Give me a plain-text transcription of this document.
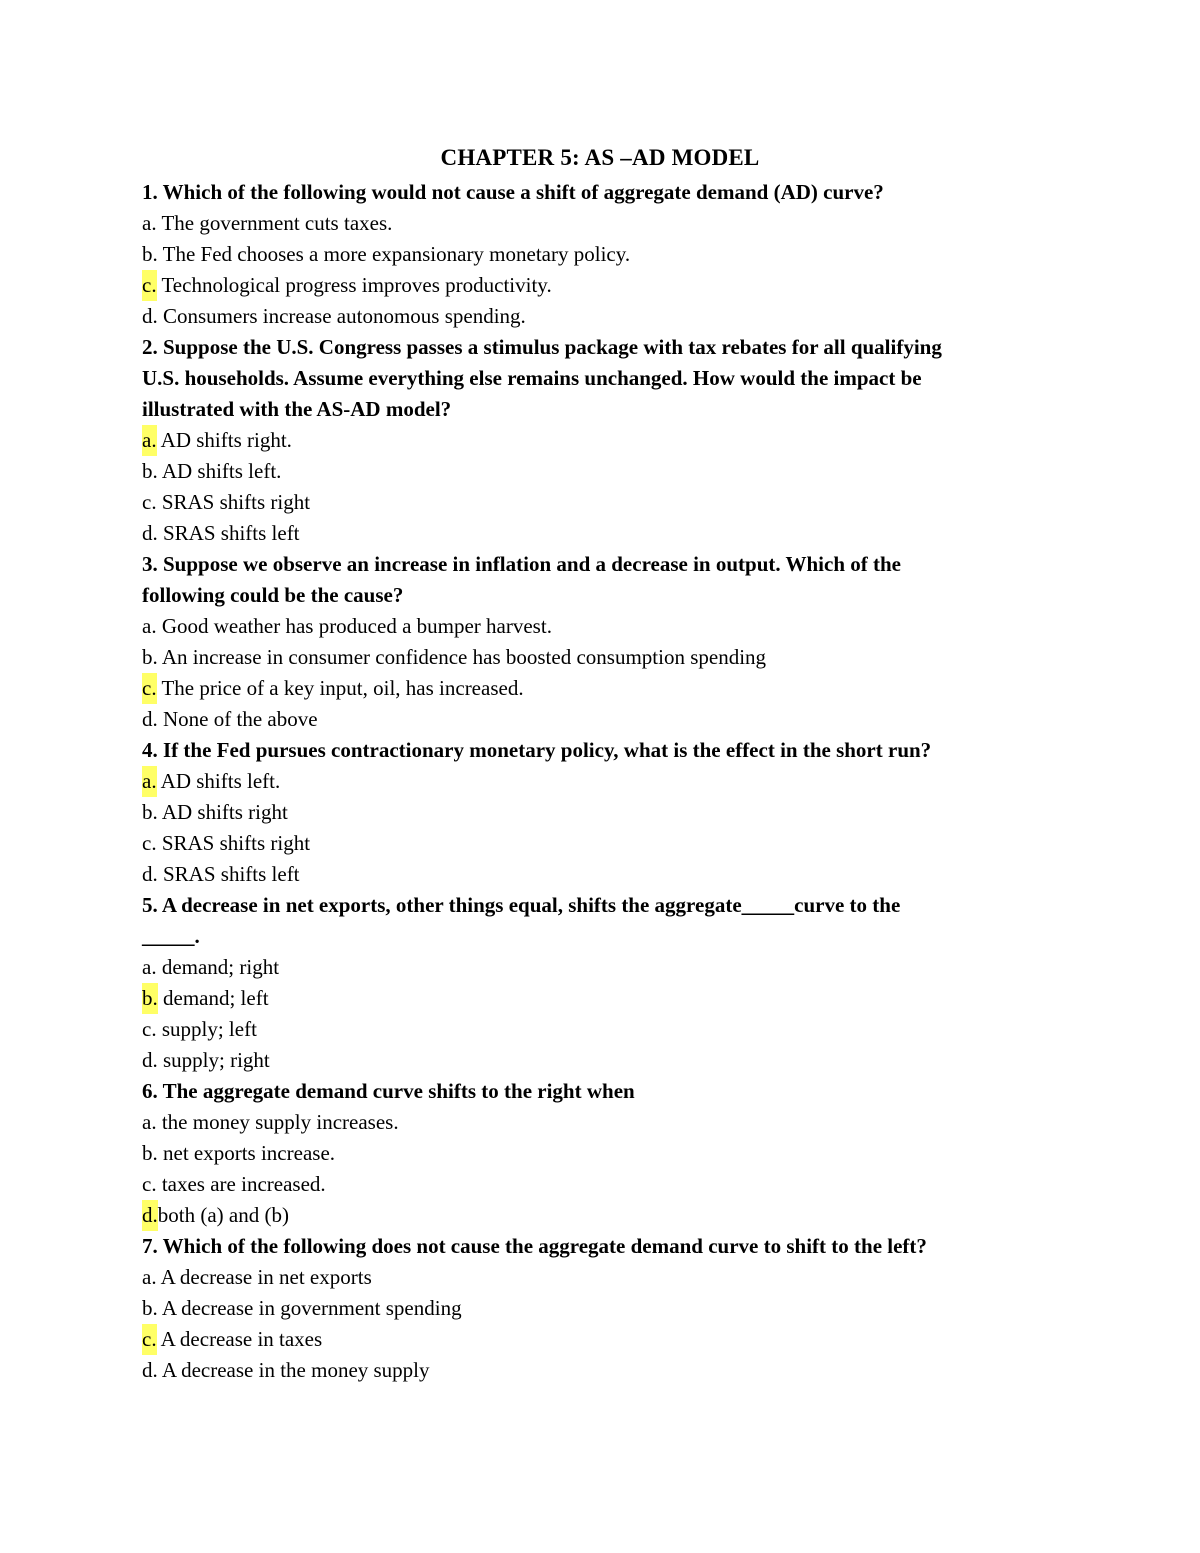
CHAPTER 5: AS –AD MODEL
1. Which of the following would not cause a shift of aggregate demand (AD) curve?
a. The government cuts taxes.
b. The Fed chooses a more expansionary monetary policy.
c. Technological progress improves productivity.
d. Consumers increase autonomous spending.
2. Suppose the U.S. Congress passes a stimulus package with tax rebates for all qualifying
U.S. households. Assume everything else remains unchanged. How would the impact be
illustrated with the AS-AD model?
a. AD shifts right.
b. AD shifts left.
c. SRAS shifts right
d. SRAS shifts left
3. Suppose we observe an increase in inflation and a decrease in output. Which of the
following could be the cause?
a. Good weather has produced a bumper harvest.
b. An increase in consumer confidence has boosted consumption spending
c. The price of a key input, oil, has increased.
d. None of the above
4. If the Fed pursues contractionary monetary policy, what is the effect in the short run?
a. AD shifts left.
b. AD shifts right
c. SRAS shifts right
d. SRAS shifts left
5. A decrease in net exports, other things equal, shifts the aggregate_____curve to the
_____.
a. demand; right
b. demand; left
c. supply; left
d. supply; right
6. The aggregate demand curve shifts to the right when
a. the money supply increases.
b. net exports increase.
c. taxes are increased.
d.both (a) and (b)
7. Which of the following does not cause the aggregate demand curve to shift to the left?
a. A decrease in net exports
b. A decrease in government spending
c. A decrease in taxes
d. A decrease in the money supply
